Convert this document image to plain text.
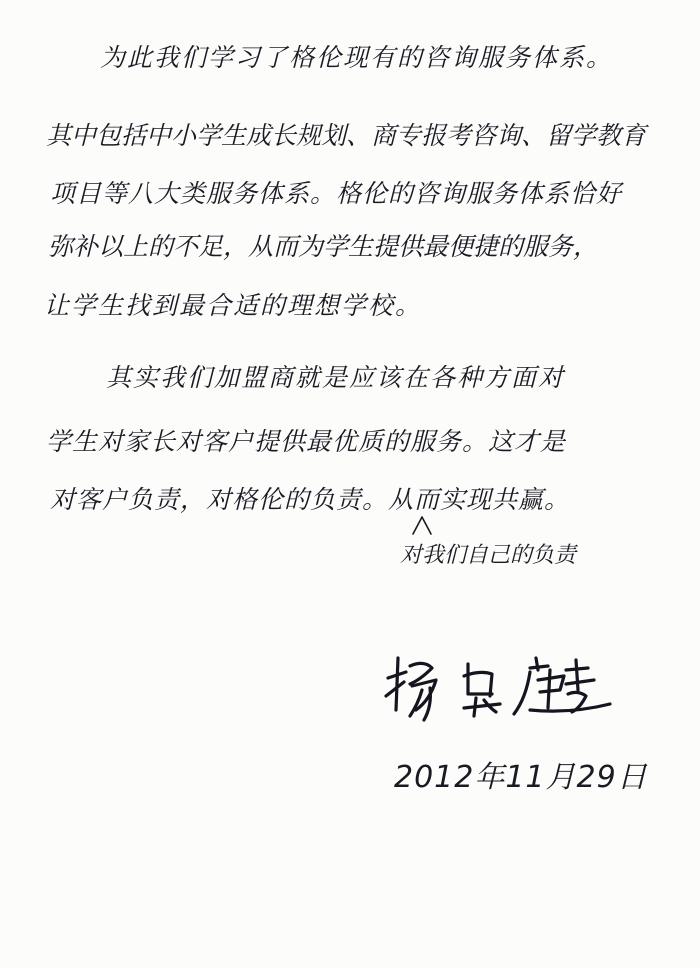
为此我们学习了格伦现有的咨询服务体系。

其中包括中小学生成长规划、商专报考咨询、留学教育

项目等八大类服务体系。格伦的咨询服务体系恰好

弥补以上的不足，从而为学生提供最便捷的服务，

让学生找到最合适的理想学校。

其实我们加盟商就是应该在各种方面对

学生对家长对客户提供最优质的服务。这才是

对客户负责，对格伦的负责。从而实现共赢。

对我们自己的负责

2012年11月29日
